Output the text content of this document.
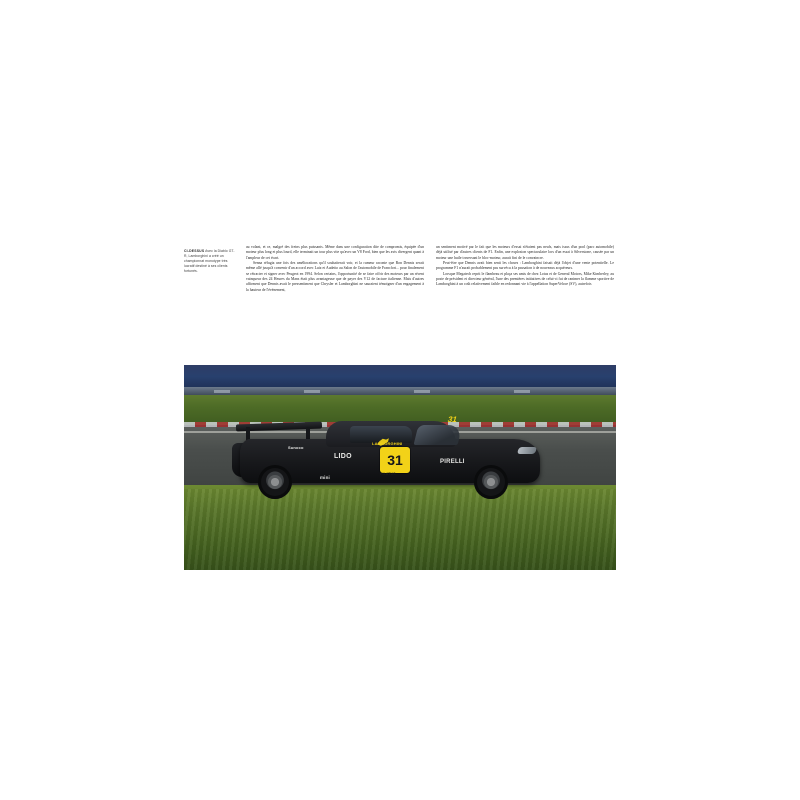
CI-DESSUS Avec la Diablo GT-R, Lamborghini a créé un championnat monotype très lucratif destiné à ses clients fortunés.

au volant, et ce, malgré des freins plus puissants. Même dans une configuration dite de compromis, équipée d'un moteur plus long et plus lourd, elle terminait un tour plus vite qu'avec un V8 Ford, bien que les avis divergent quant à l'ampleur de cet écart.

Senna réfugia une fois des améliorations qu'il souhaiterait voir, et la rumeur raconte que Ron Dennis serait même allé jusqu'à convenir d'un accord avec Luiz et Audetto au Salon de l'automobile de Francfort... pour finalement se rétracter et signer avec Peugeot en 1994. Selon certains, l'opportunité de se faire offrir des moteurs par un récent vainqueur des 24 Heures du Mans était plus avantageuse que de payer des V12 de facture italienne. Mais d'autres affirment que Dennis avait le pressentiment que Chrysler et Lamborghini ne sauraient témoigner d'un engagement à la hauteur de l'événement,

un sentiment motivé par le fait que les moteurs d'essai n'étaient pas neufs, mais issus d'un pool (parc automobile) déjà utilisé par d'autres clients de F1. Enfin, une explosion spectaculaire lors d'un essai à Silverstone, causée par un moteur une huile traversant le bloc-moteur, aurait fini de le convaincre.

Peut-être que Dennis avait bien senti les choses : Lamborghini faisait déjà l'objet d'une vente potentielle. Le programme F1 n'aurait probablement pas survécu à la passation à de nouveaux acquéreurs.

Lorsque Megatech reprit le flambeau et plaça ses amis de chez Lotus et de General Motors, Mike Kimberley, au poste de président et directeur général, l'une des premières initiatives de celui-ci fut de ranimer la flamme sportive de Lamborghini à un coût relativement faible en redonnant vie à l'appellation SuperVeloce (SV), autrefois

31
31
LAMBORGHINI
LIDO
PILATUS
PIRELLI
mini
Sunoco
